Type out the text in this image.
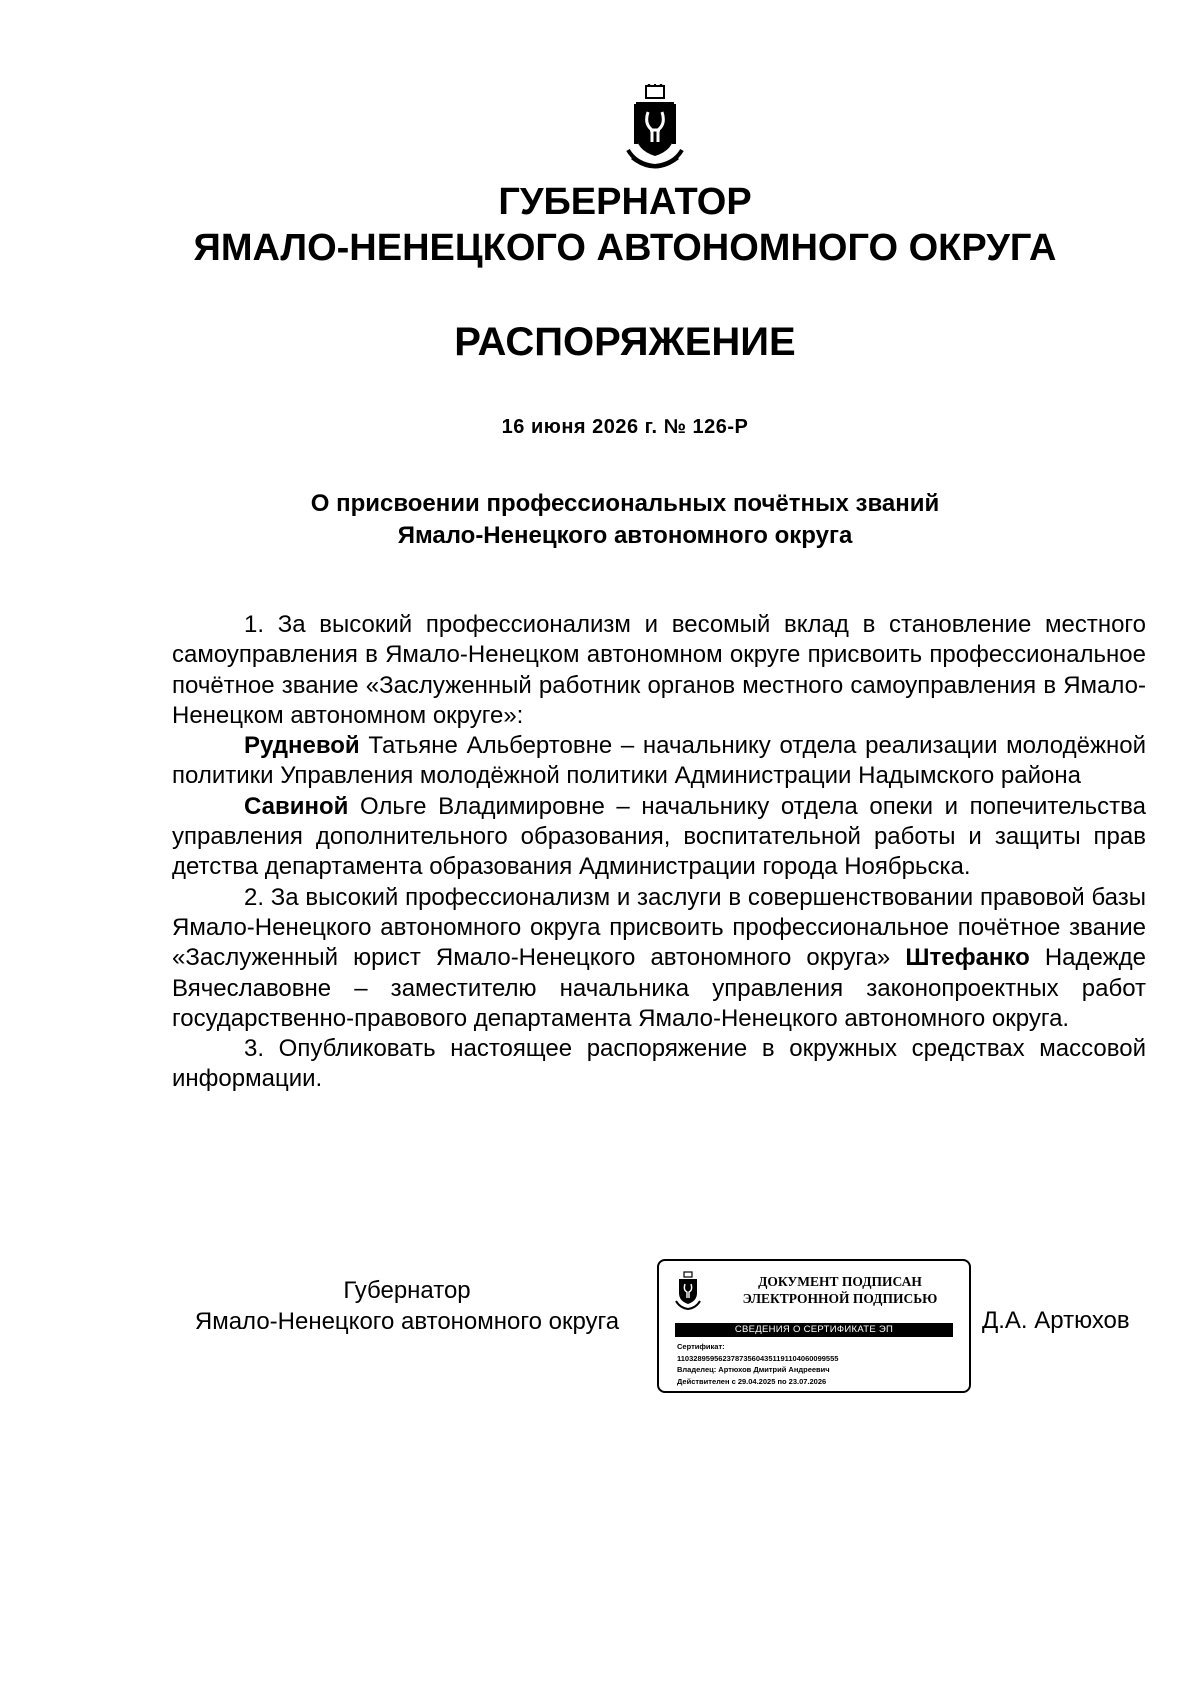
ГУБЕРНАТОР
ЯМАЛО-НЕНЕЦКОГО АВТОНОМНОГО ОКРУГА
РАСПОРЯЖЕНИЕ
16 июня 2026 г. № 126-Р
О присвоении профессиональных почётных званий
Ямало-Ненецкого автономного округа

1. За высокий профессионализм и весомый вклад в становление местного самоуправления в Ямало-Ненецком автономном округе присвоить профессиональное почётное звание «Заслуженный работник органов местного самоуправления в Ямало-Ненецком автономном округе»:

Рудневой Татьяне Альбертовне – начальнику отдела реализации молодёжной политики Управления молодёжной политики Администрации Надымского района

Савиной Ольге Владимировне – начальнику отдела опеки и попечительства управления дополнительного образования, воспитательной работы и защиты прав детства департамента образования Администрации города Ноябрьска.

2. За высокий профессионализм и заслуги в совершенствовании правовой базы Ямало-Ненецкого автономного округа присвоить профессиональное почётное звание «Заслуженный юрист Ямало-Ненецкого автономного округа» Штефанко Надежде Вячеславовне – заместителю начальника управления законопроектных работ государственно-правового департамента Ямало-Ненецкого автономного округа.

3. Опубликовать настоящее распоряжение в окружных средствах массовой информации.

Губернатор
Ямало-Ненецкого автономного округа
ДОКУМЕНТ ПОДПИСАН
ЭЛЕКТРОННОЙ ПОДПИСЬЮ
СВЕДЕНИЯ О СЕРТИФИКАТЕ ЭП
Сертификат:
110328959562378735604351191104060099555
Владелец: Артюхов Дмитрий Андреевич
Действителен с 29.04.2025 по 23.07.2026
Д.А. Артюхов
